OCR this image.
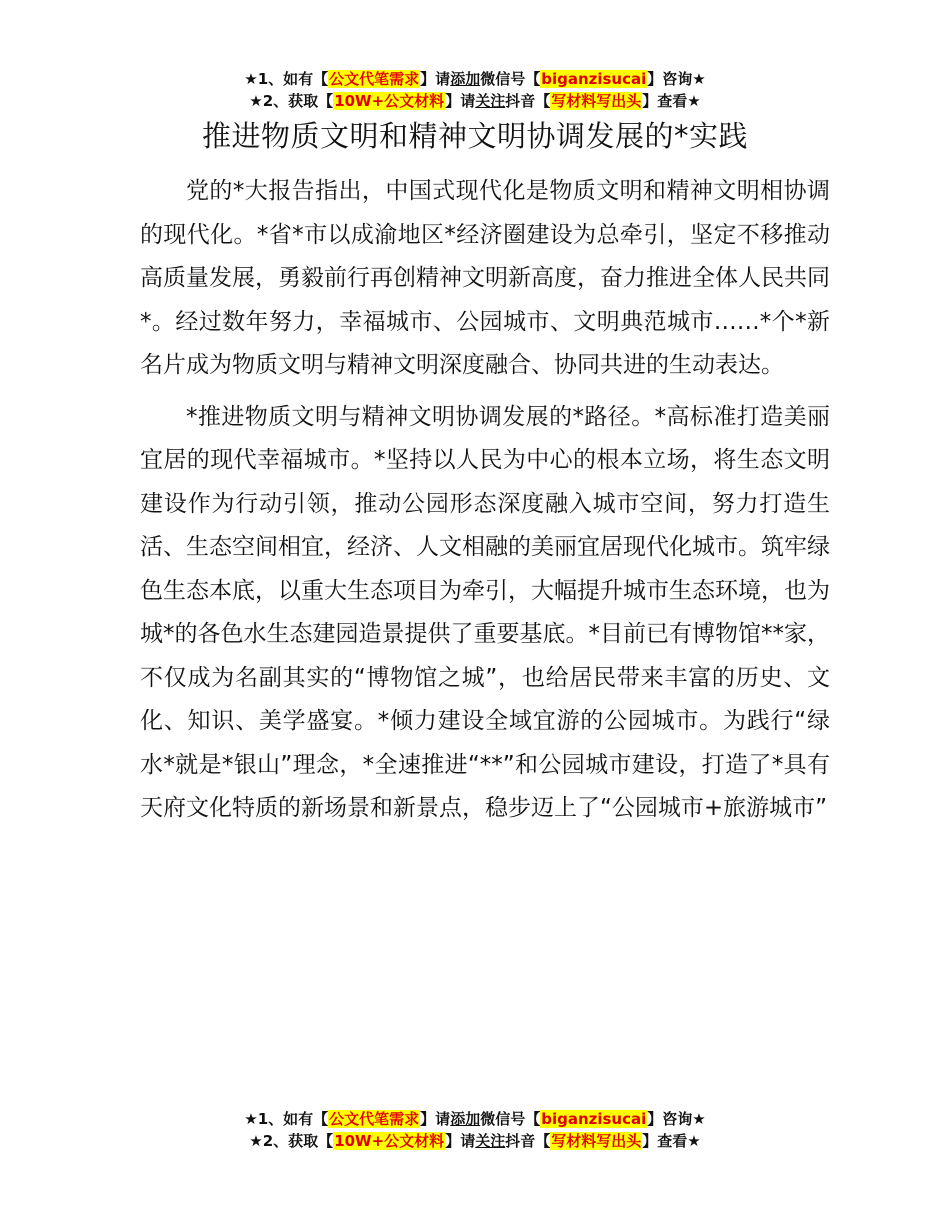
★1、如有【公文代笔需求】请添加微信号【biganzisucai】咨询★
★2、获取【10W+公文材料】请关注抖音【写材料写出头】查看★
推进物质文明和精神文明协调发展的*实践

党的*大报告指出，中国式现代化是物质文明和精神文明相协调的现代化。*省*市以成渝地区*经济圈建设为总牵引，坚定不移推动高质量发展，勇毅前行再创精神文明新高度，奋力推进全体人民共同*。经过数年努力，幸福城市、公园城市、文明典范城市……*个*新名片成为物质文明与精神文明深度融合、协同共进的生动表达。

*推进物质文明与精神文明协调发展的*路径。*高标准打造美丽宜居的现代幸福城市。*坚持以人民为中心的根本立场，将生态文明建设作为行动引领，推动公园形态深度融入城市空间，努力打造生活、生态空间相宜，经济、人文相融的美丽宜居现代化城市。筑牢绿色生态本底，以重大生态项目为牵引，大幅提升城市生态环境，也为城*的各色水生态建园造景提供了重要基底。*目前已有博物馆**家，不仅成为名副其实的“博物馆之城”，也给居民带来丰富的历史、文化、知识、美学盛宴。*倾力建设全域宜游的公园城市。为践行“绿水*就是*银山”理念，*全速推进“**”和公园城市建设，打造了*具有天府文化特质的新场景和新景点，稳步迈上了“公园城市+旅游城市”

★1、如有【公文代笔需求】请添加微信号【biganzisucai】咨询★
★2、获取【10W+公文材料】请关注抖音【写材料写出头】查看★
